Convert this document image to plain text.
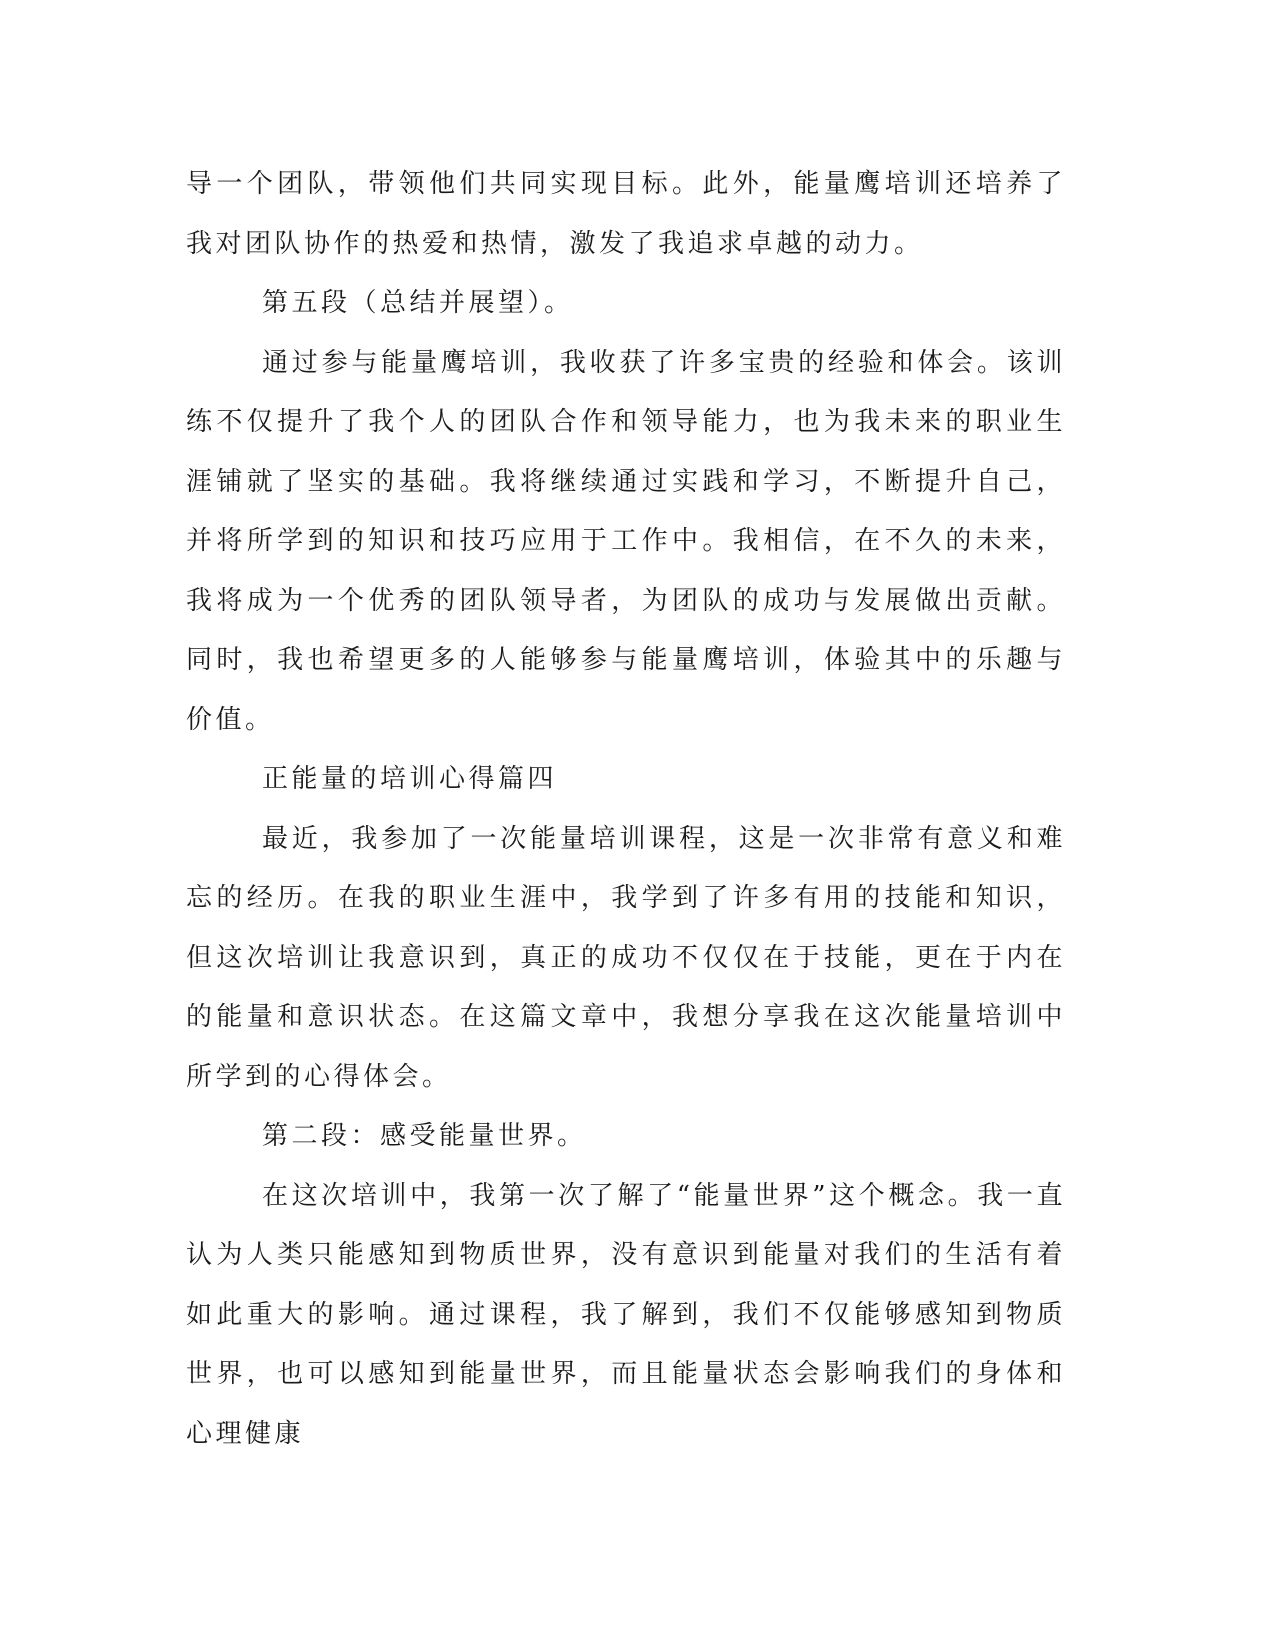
导一个团队，带领他们共同实现目标。此外，能量鹰培训还培养了我对团队协作的热爱和热情，激发了我追求卓越的动力。

第五段（总结并展望）。

通过参与能量鹰培训，我收获了许多宝贵的经验和体会。该训练不仅提升了我个人的团队合作和领导能力，也为我未来的职业生涯铺就了坚实的基础。我将继续通过实践和学习，不断提升自己，并将所学到的知识和技巧应用于工作中。我相信，在不久的未来，我将成为一个优秀的团队领导者，为团队的成功与发展做出贡献。同时，我也希望更多的人能够参与能量鹰培训，体验其中的乐趣与价值。

正能量的培训心得篇四

最近，我参加了一次能量培训课程，这是一次非常有意义和难忘的经历。在我的职业生涯中，我学到了许多有用的技能和知识，但这次培训让我意识到，真正的成功不仅仅在于技能，更在于内在的能量和意识状态。在这篇文章中，我想分享我在这次能量培训中所学到的心得体会。

第二段：感受能量世界。

在这次培训中，我第一次了解了“能量世界”这个概念。我一直认为人类只能感知到物质世界，没有意识到能量对我们的生活有着如此重大的影响。通过课程，我了解到，我们不仅能够感知到物质世界，也可以感知到能量世界，而且能量状态会影响我们的身体和心理健康
